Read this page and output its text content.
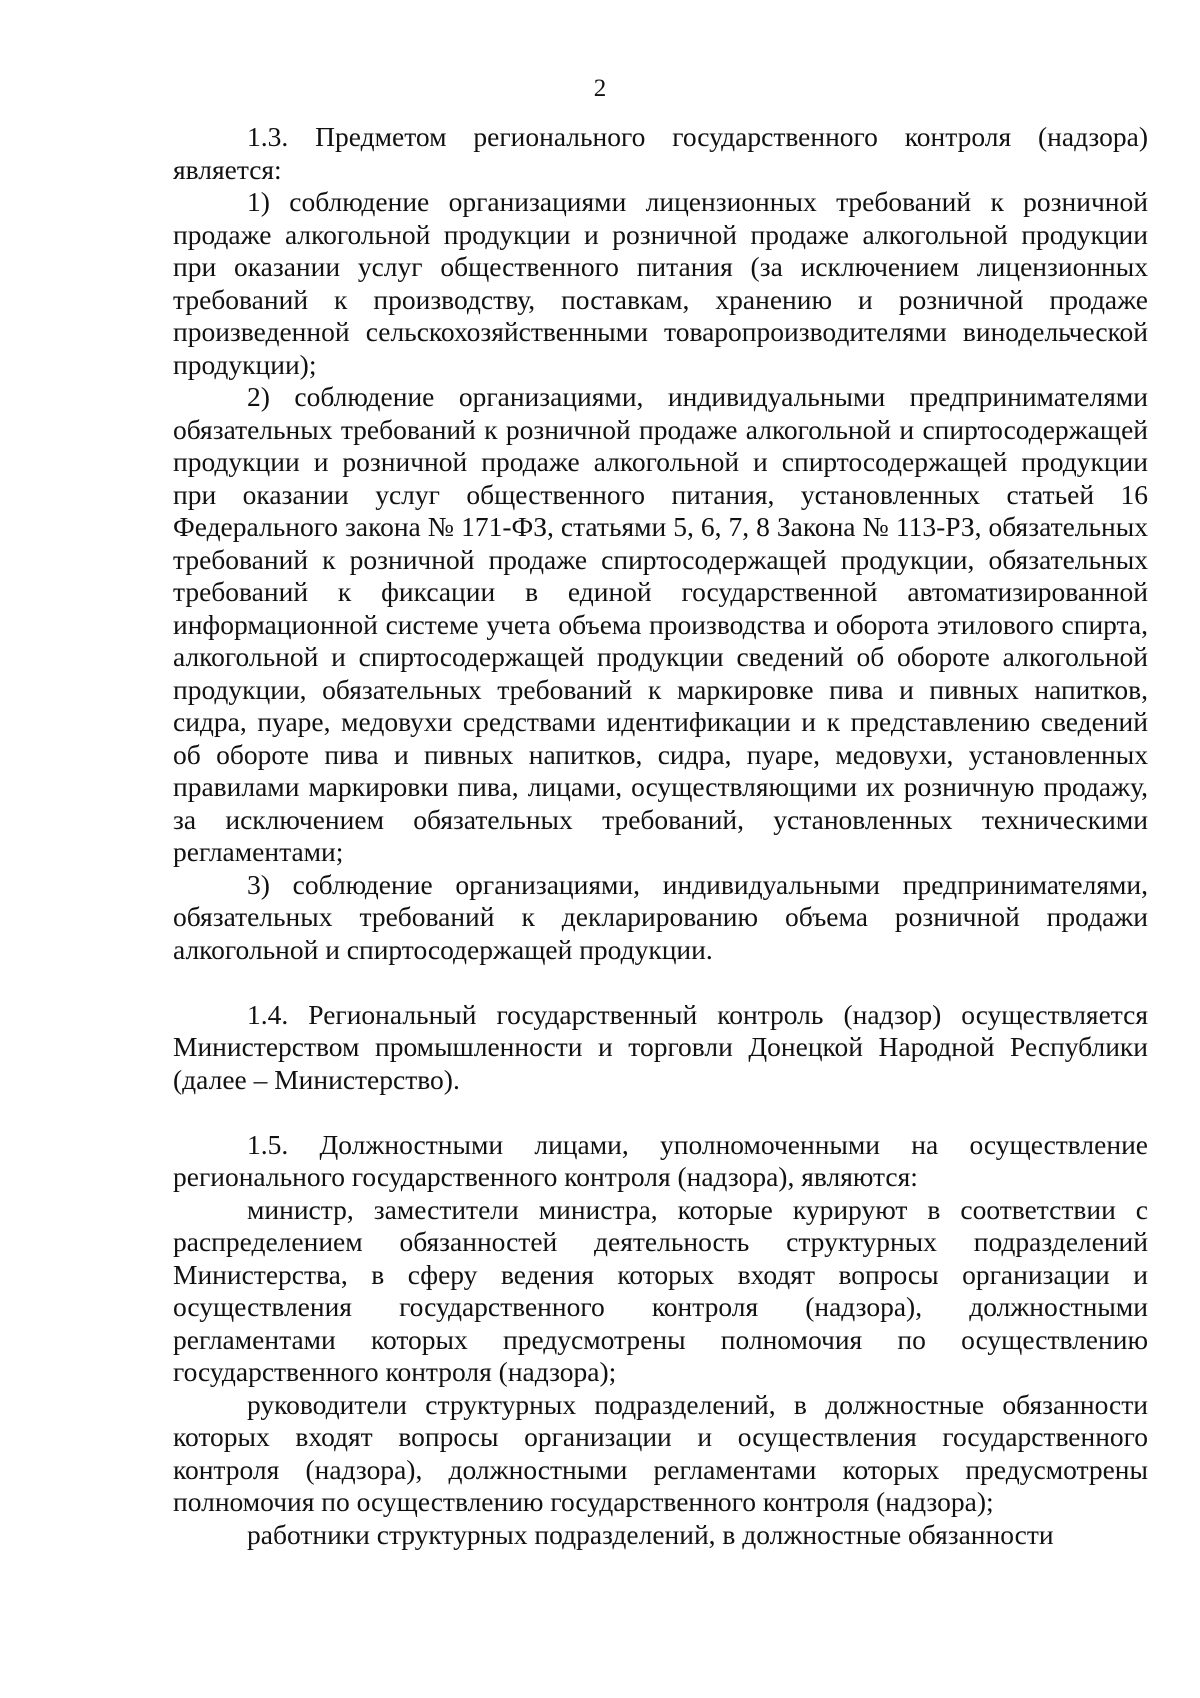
2

1.3. Предметом регионального государственного контроля (надзора) является:

1) соблюдение организациями лицензионных требований к розничной продаже алкогольной продукции и розничной продаже алкогольной продукции при оказании услуг общественного питания (за исключением лицензионных требований к производству, поставкам, хранению и розничной продаже произведенной сельскохозяйственными товаропроизводителями винодельческой продукции);

2) соблюдение организациями, индивидуальными предпринимателями обязательных требований к розничной продаже алкогольной и спиртосодержащей продукции и розничной продаже алкогольной и спиртосодержащей продукции при оказании услуг общественного питания, установленных статьей 16 Федерального закона № 171-ФЗ, статьями 5, 6, 7, 8 Закона № 113-РЗ, обязательных требований к розничной продаже спиртосодержащей продукции, обязательных требований к фиксации в единой государственной автоматизированной информационной системе учета объема производства и оборота этилового спирта, алкогольной и спиртосодержащей продукции сведений об обороте алкогольной продукции, обязательных требований к маркировке пива и пивных напитков, сидра, пуаре, медовухи средствами идентификации и к представлению сведений об обороте пива и пивных напитков, сидра, пуаре, медовухи, установленных правилами маркировки пива, лицами, осуществляющими их розничную продажу, за исключением обязательных требований, установленных техническими регламентами;

3) соблюдение организациями, индивидуальными предпринимателями, обязательных требований к декларированию объема розничной продажи алкогольной и спиртосодержащей продукции.

1.4. Региональный государственный контроль (надзор) осуществляется Министерством промышленности и торговли Донецкой Народной Республики (далее – Министерство).

1.5. Должностными лицами, уполномоченными на осуществление регионального государственного контроля (надзора), являются:

министр, заместители министра, которые курируют в соответствии с распределением обязанностей деятельность структурных подразделений Министерства, в сферу ведения которых входят вопросы организации и осуществления государственного контроля (надзора), должностными регламентами которых предусмотрены полномочия по осуществлению государственного контроля (надзора);

руководители структурных подразделений, в должностные обязанности которых входят вопросы организации и осуществления государственного контроля (надзора), должностными регламентами которых предусмотрены полномочия по осуществлению государственного контроля (надзора);

работники структурных подразделений, в должностные обязанности
